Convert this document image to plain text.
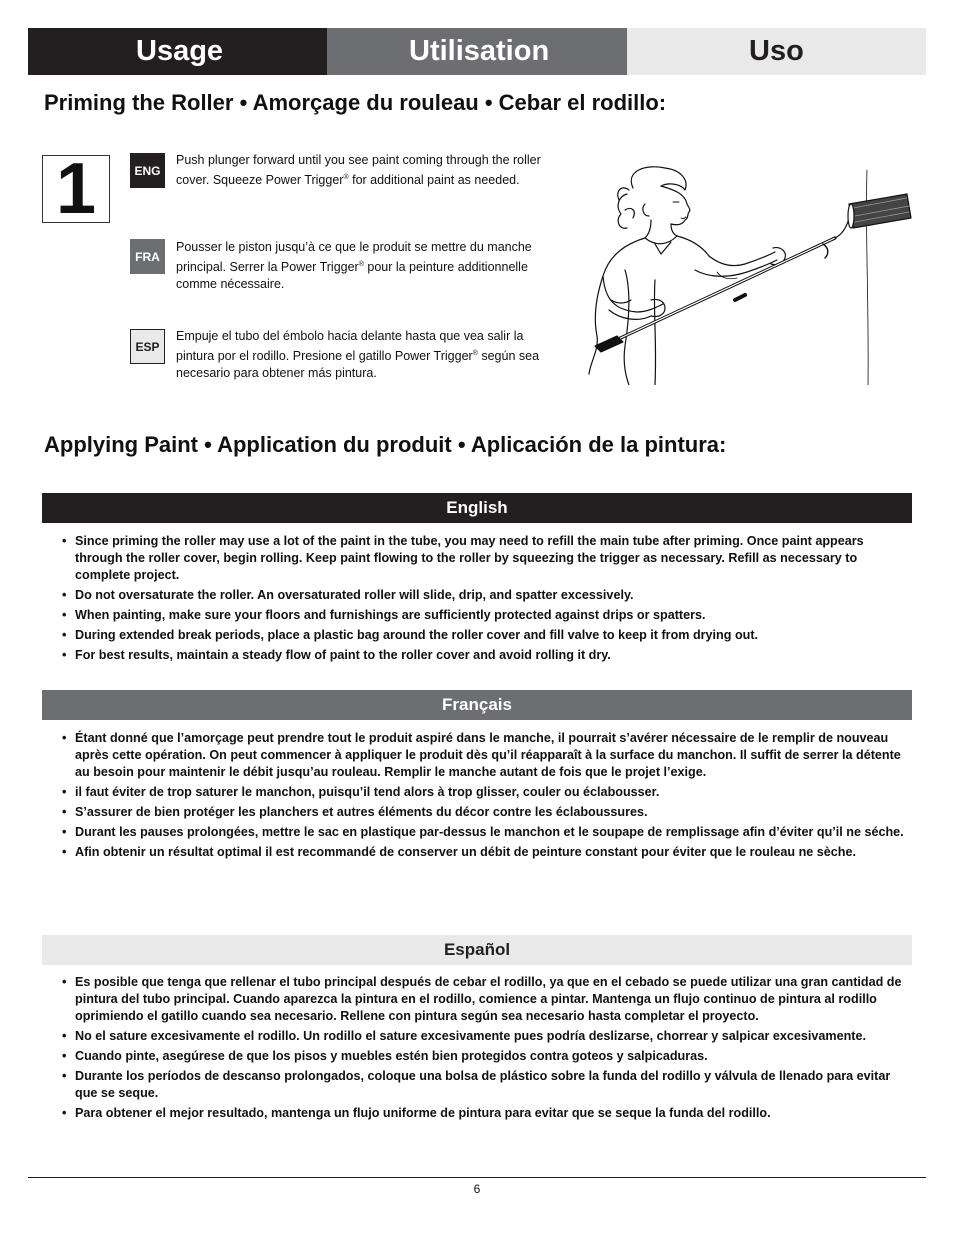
Usage	Utilisation	Uso
Priming the Roller • Amorçage du rouleau • Cebar el rodillo:
1	ENG
Push plunger forward until you see paint coming through the roller cover. Squeeze Power Trigger® for additional paint as needed.
FRA
Pousser le piston jusqu’à ce que le produit se mettre du manche principal. Serrer la Power Trigger® pour la peinture additionnelle comme nécessaire.
ESP
Empuje el tubo del émbolo hacia delante hasta que vea salir la pintura por el rodillo. Presione el gatillo Power Trigger® según sea necesario para obtener más pintura.
Applying Paint • Application du produit • Aplicación de la pintura:
English
• Since priming the roller may use a lot of the paint in the tube, you may need to refill the main tube after priming. Once paint appears through the roller cover, begin rolling. Keep paint flowing to the roller by squeezing the trigger as necessary. Refill as necessary to complete project.
• Do not oversaturate the roller. An oversaturated roller will slide, drip, and spatter excessively.
• When painting, make sure your floors and furnishings are sufficiently protected against drips or spatters.
• During extended break periods, place a plastic bag around the roller cover and fill valve to keep it from drying out.
• For best results, maintain a steady flow of paint to the roller cover and avoid rolling it dry.
Français
• Étant donné que l’amorçage peut prendre tout le produit aspiré dans le manche, il pourrait s’avérer nécessaire de le remplir de nouveau après cette opération. On peut commencer à appliquer le produit dès qu’il réapparaît à la surface du manchon. Il suffit de serrer la détente au besoin pour maintenir le débit jusqu’au rouleau. Remplir le manche autant de fois que le projet l’exige.
• il faut éviter de trop saturer le manchon, puisqu’il tend alors à trop glisser, couler ou éclabousser.
• S’assurer de bien protéger les planchers et autres éléments du décor contre les éclaboussures.
• Durant les pauses prolongées, mettre le sac en plastique par-dessus le manchon et le soupape de remplissage afin d’éviter qu’il ne séche.
• Afin obtenir un résultat optimal il est recommandé de conserver un débit de peinture constant pour éviter que le rouleau ne sèche.
Español
• Es posible que tenga que rellenar el tubo principal después de cebar el rodillo, ya que en el cebado se puede utilizar una gran cantidad de pintura del tubo principal. Cuando aparezca la pintura en el rodillo, comience a pintar. Mantenga un flujo continuo de pintura al rodillo oprimiendo el gatillo cuando sea necesario. Rellene con pintura según sea necesario hasta completar el proyecto.
• No el sature excesivamente el rodillo. Un rodillo el sature excesivamente pues podría deslizarse, chorrear y salpicar excesivamente.
• Cuando pinte, asegúrese de que los pisos y muebles estén bien protegidos contra goteos y salpicaduras.
• Durante los períodos de descanso prolongados, coloque una bolsa de plástico sobre la funda del rodillo y válvula de llenado para evitar que se seque.
• Para obtener el mejor resultado, mantenga un flujo uniforme de pintura para evitar que se seque la funda del rodillo.
6
